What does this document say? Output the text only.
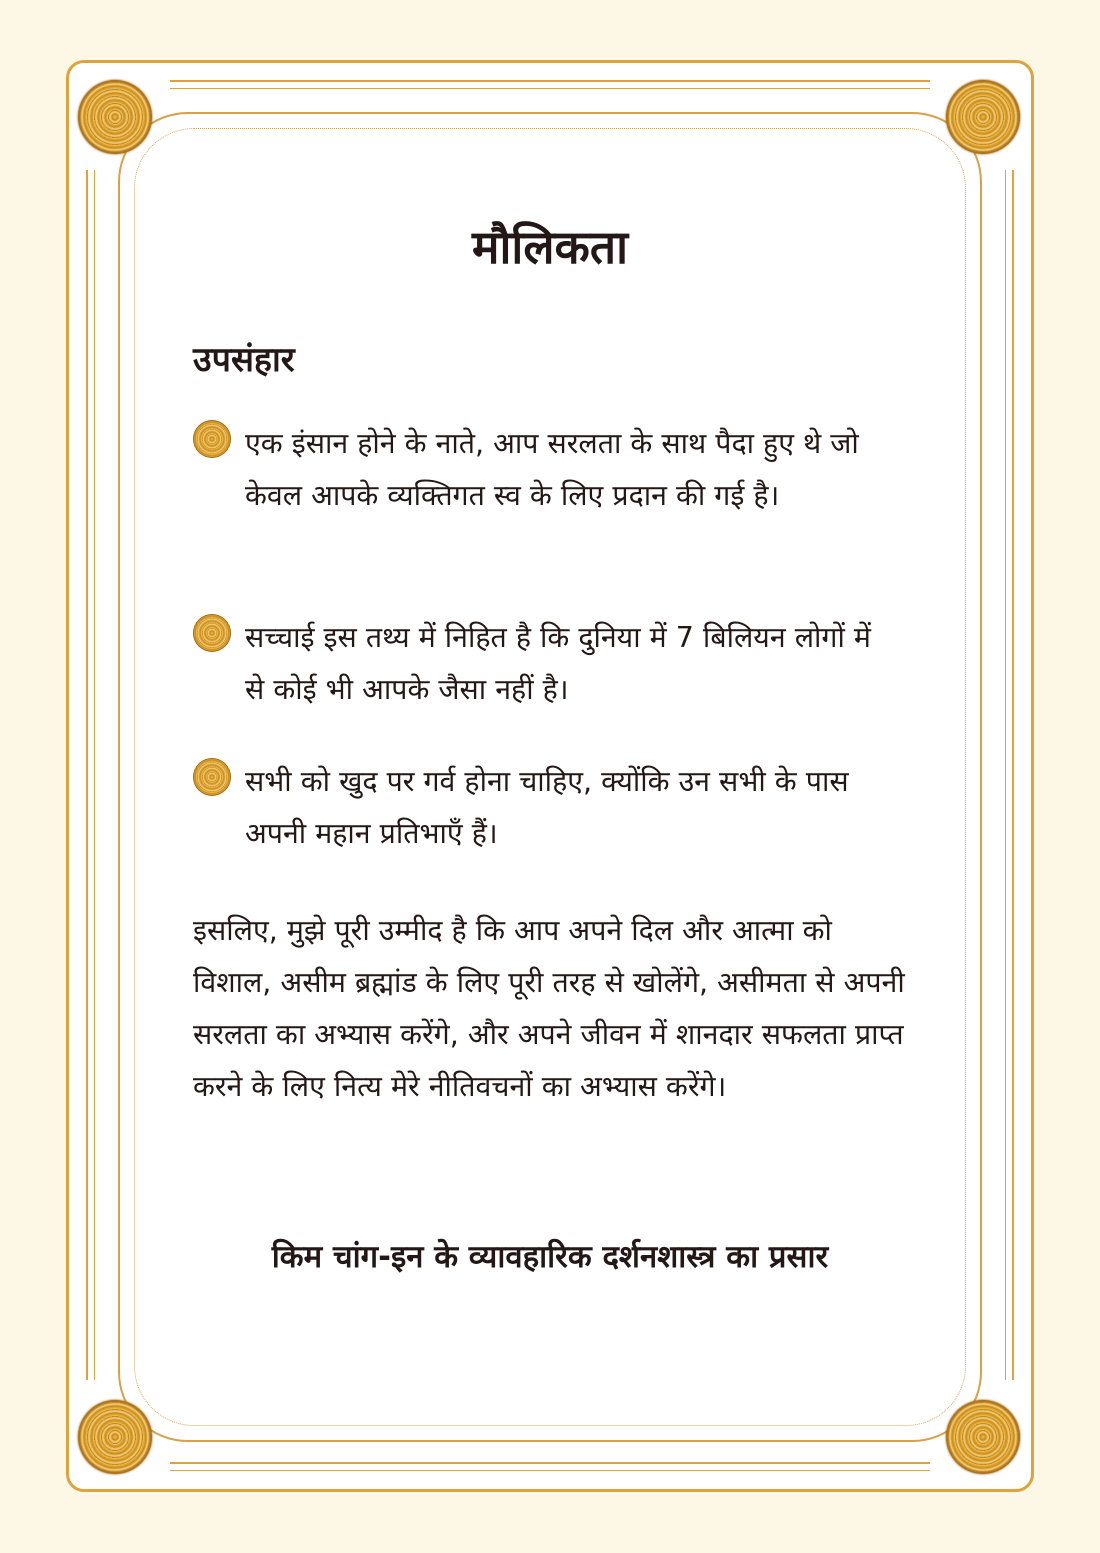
मौलिकता
उपसंहार
एक इंसान होने के नाते, आप सरलता के साथ पैदा हुए थे जो केवल आपके व्यक्तिगत स्व के लिए प्रदान की गई है।
सच्चाई इस तथ्य में निहित है कि दुनिया में 7 बिलियन लोगों में से कोई भी आपके जैसा नहीं है।
सभी को खुद पर गर्व होना चाहिए, क्योंकि उन सभी के पास अपनी महान प्रतिभाएँ हैं।

इसलिए, मुझे पूरी उम्मीद है कि आप अपने दिल और आत्मा को विशाल, असीम ब्रह्मांड के लिए पूरी तरह से खोलेंगे, असीमता से अपनी सरलता का अभ्यास करेंगे, और अपने जीवन में शानदार सफलता प्राप्त करने के लिए नित्य मेरे नीतिवचनों का अभ्यास करेंगे।

किम चांग-इन के व्यावहारिक दर्शनशास्त्र का प्रसार
